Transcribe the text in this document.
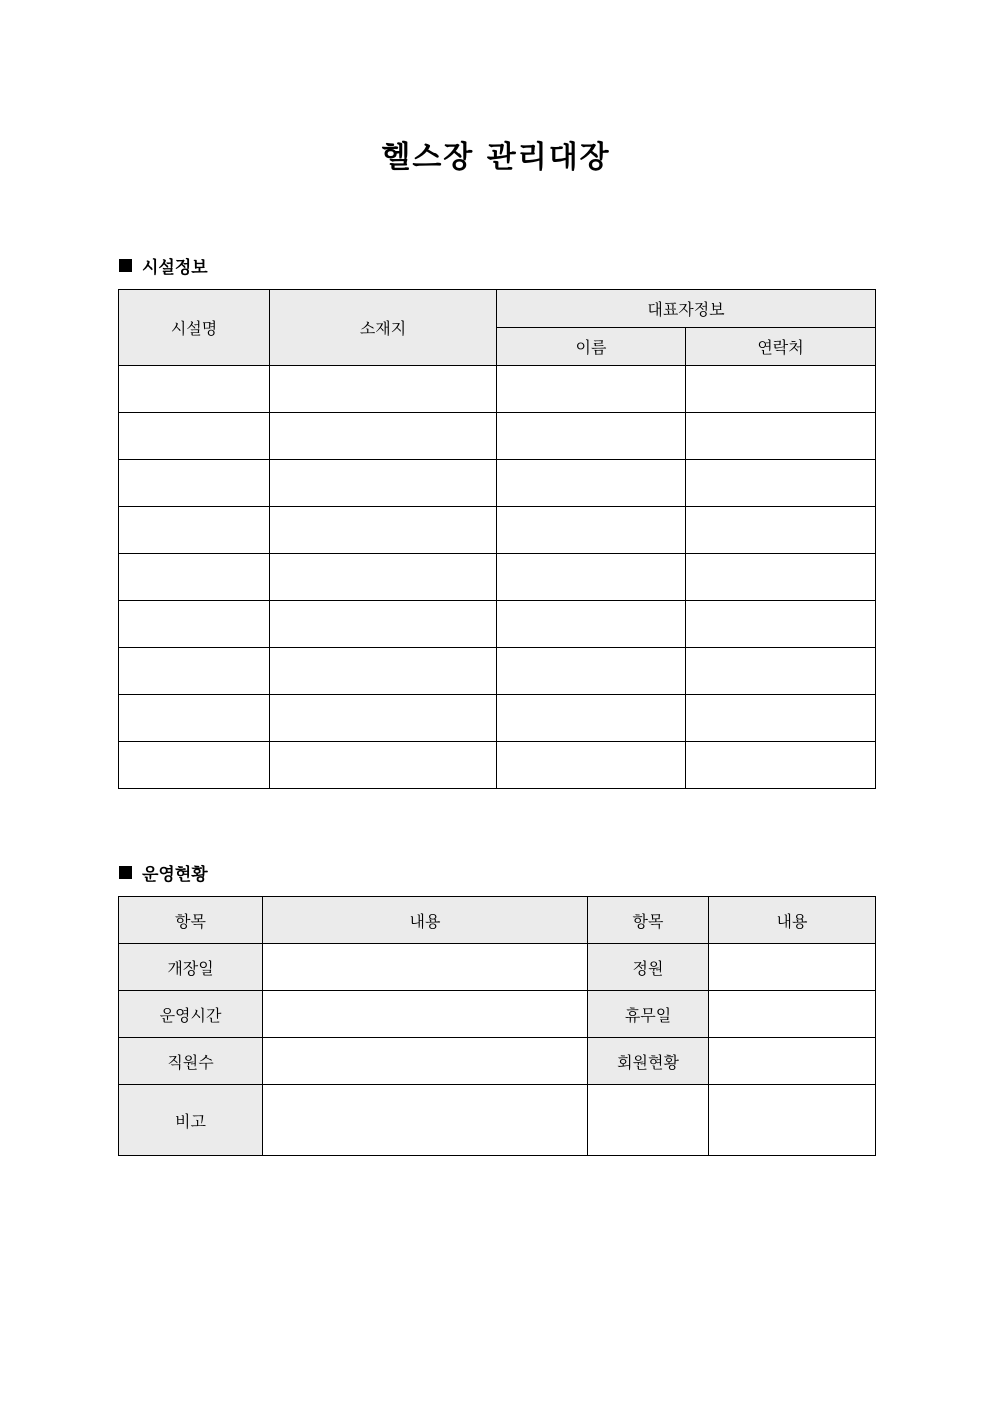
헬스장 관리대장
시설정보
시설명	소재지	대표자정보	
		이름	연락처

운영현황
항목	내용	항목	내용
개장일		정원	
운영시간		휴무일	
직원수		회원현황	
비고			
